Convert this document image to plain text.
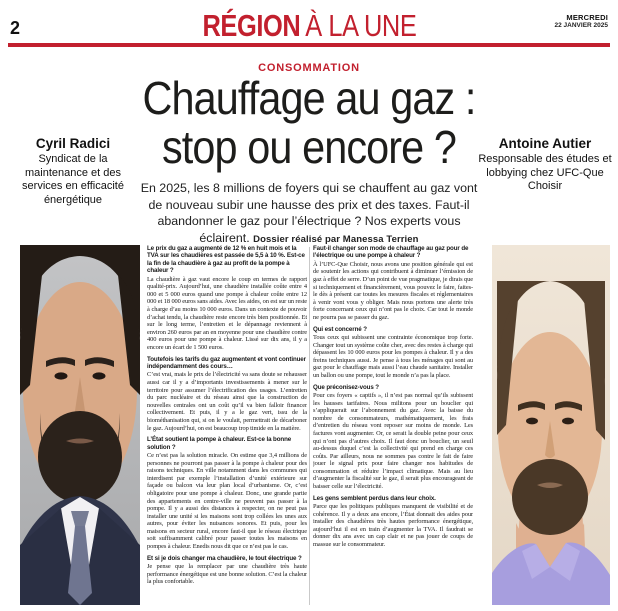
2	RÉGION À LA UNE	MERCREDI
22 JANVIER 2025
CONSOMMATION
Chauffage au gaz :
stop ou encore ?

En 2025, les 8 millions de foyers qui se chauffent au gaz vont de nouveau subir une hausse des prix et des taxes. Faut-il abandonner le gaz pour l’électrique ? Nos experts vous éclairent. Dossier réalisé par Manessa Terrien

Cyril Radici
Syndicat de la maintenance et des services en efficacité énergétique
Antoine Autier
Responsable des études et lobbying chez UFC-Que Choisir

Le prix du gaz a augmenté de 12 % en huit mois et la TVA sur les chaudières est passée de 5,5 à 10 %. Est-ce la fin de la chaudière à gaz au profit de la pompe à chaleur ?

La chaudière à gaz vaut encore le coup en termes de rapport qualité-prix. Aujourd’hui, une chaudière installée coûte entre 4 000 et 5 000 euros quand une pompe à chaleur coûte entre 12 000 et 18 000 euros sans aides. Avec les aides, on est sur un reste à charge d’au moins 10 000 euros. Dans un contexte de pouvoir d’achat tendu, la chaudière reste encore très bien positionnée. Et sur le long terme, l’entretien et le dépannage reviennent à environ 260 euros par an en moyenne pour une chaudière contre 400 euros pour une pompe à chaleur. Lissé sur dix ans, il y a encore un écart de 1 500 euros.

Toutefois les tarifs du gaz augmentent et vont continuer indépendamment des cours…

C’est vrai, mais le prix de l’électricité va sans doute se rehausser aussi car il y a d’importants investissements à mener sur le territoire pour assumer l’électrification des usages. L’entretien du parc nucléaire et du réseau ainsi que la construction de nouvelles centrales ont un coût qu’il va bien falloir financer collectivement. Et puis, il y a le gaz vert, issu de la biométhanisation qui, si on le voulait, permettrait de décarboner le gaz. Aujourd’hui, on est beaucoup trop timide en la matière.

L’État soutient la pompe à chaleur. Est-ce la bonne solution ?

Ce n’est pas la solution miracle. On estime que 3,4 millions de personnes ne pourront pas passer à la pompe à chaleur pour des raisons techniques. En ville notamment dans les communes qui interdisent par exemple l’installation d’unité extérieure sur façade ou balcon via leur plan local d’urbanisme. Or, c’est obligatoire pour une pompe à chaleur. Donc, une grande partie des appartements en centre-ville ne peuvent pas passer à la pompe. Il y a aussi des distances à respecter, on ne peut pas installer une unité si les maisons sont trop collées les unes aux autres, pour éviter les nuisances sonores. Et puis, pour les maisons en secteur rural, encore faut-il que le réseau électrique soit suffisamment calibré pour passer toutes les maisons en pompes à chaleur. Enedis nous dit que ce n’est pas le cas.

Et si je dois changer ma chaudière, le tout électrique ?

Je pense que la remplacer par une chaudière très haute performance énergétique est une bonne solution. C’est la chaleur la plus confortable.

Faut-il changer son mode de chauffage au gaz pour de l’électrique ou une pompe à chaleur ?

À l’UFC-Que Choisir, nous avons une position générale qui est de soutenir les actions qui contribuent à diminuer l’émission de gaz à effet de serre. D’un point de vue pragmatique, je dirais que si techniquement et financièrement, vous pouvez le faire, faites-le dès à présent car toutes les mesures fiscales et réglementaires à venir vont vous y obliger. Mais nous portons une alerte très forte concernant ceux qui n’ont pas le choix. Car tout le monde ne pourra pas se passer du gaz.

Qui est concerné ?

Tous ceux qui subissent une contrainte économique trop forte. Changer tout un système coûte cher, avec des restes à charge qui dépassent les 10 000 euros pour les pompes à chaleur. Il y a des freins techniques aussi. Je pense à tous les ménages qui sont au gaz pour le chauffage mais aussi l’eau chaude sanitaire. Installer un ballon ou une pompe, tout le monde n’a pas la place.

Que préconisez-vous ?

Pour ces foyers « captifs », il n’est pas normal qu’ils subissent les hausses tarifaires. Nous militons pour un bouclier qui s’appliquerait sur l’abonnement du gaz. Avec la baisse du nombre de consommateurs, mathématiquement, les frais d’entretien du réseau vont reposer sur moins de monde. Les factures vont augmenter. Or, ce serait la double peine pour ceux qui n’ont pas d’autres choix. Il faut donc un bouclier, un seuil au-dessus duquel c’est la collectivité qui prend en charge ces coûts. Par ailleurs, nous ne sommes pas contre le fait de faire jouer le signal prix pour faire changer nos habitudes de consommation et réduire l’impact climatique. Mais au lieu d’augmenter la fiscalité sur le gaz, il serait plus encourageant de baisser celle sur l’électricité.

Les gens semblent perdus dans leur choix.

Parce que les politiques publiques manquent de visibilité et de cohérence. Il y a deux ans encore, l’État donnait des aides pour installer des chaudières très hautes performance énergétique, aujourd’hui il est en train d’augmenter la TVA. Il faudrait se donner dix ans avec un cap clair et ne pas jouer de coups de massue sur le consommateur.
